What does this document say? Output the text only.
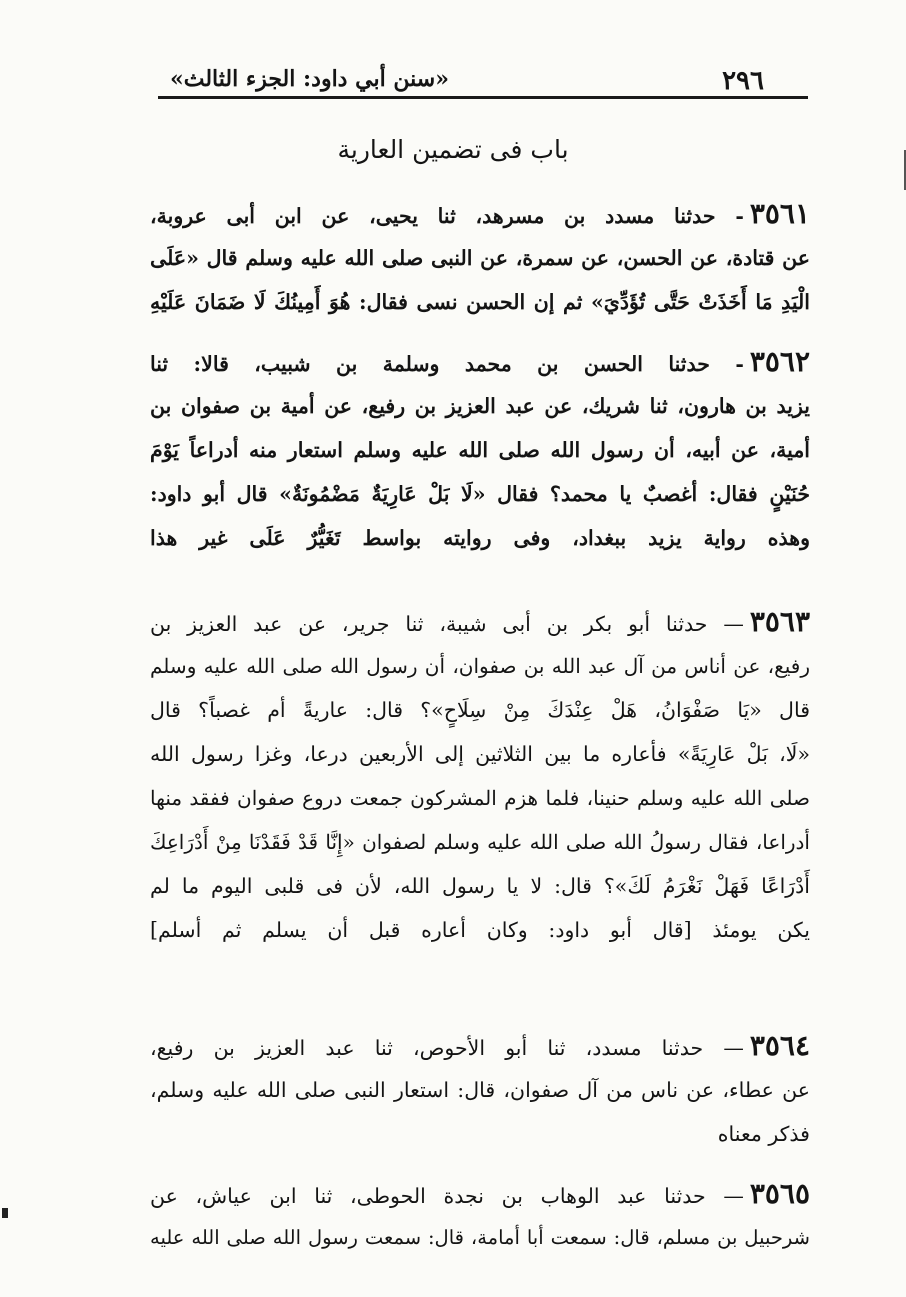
٢٩٦
«سنن أبي داود: الجزء الثالث»
باب فى تضمين العارية
٣٥٦١- حدثنا مسدد بن مسرهد، ثنا يحيى، عن ابن أبى عروبة،
عن قتادة، عن الحسن، عن سمرة، عن النبى صلى الله عليه وسلم قال «عَلَى
الْيَدِ مَا أَخَذَتْ حَتَّى تُؤَدِّيَ» ثم إن الحسن نسى فقال: هُوَ أَمِينُكَ لَا ضَمَانَ عَلَيْهِ
٣٥٦٢- حدثنا الحسن بن محمد وسلمة بن شبيب، قالا: ثنا
يزيد بن هارون، ثنا شريك، عن عبد العزيز بن رفيع، عن أمية بن صفوان بن
أمية، عن أبيه، أن رسول الله صلى الله عليه وسلم استعار منه أدراعاً يَوْمَ
حُنَيْنٍ فقال: أغصبٌ يا محمد؟ فقال «لَا بَلْ عَارِيَةٌ مَضْمُونَةٌ» قال أبو داود:
وهذه رواية يزيد ببغداد، وفى روايته بواسط تَغَيُّرٌ عَلَى غير هذا
٣٥٦٣— حدثنا أبو بكر بن أبى شيبة، ثنا جرير، عن عبد العزيز بن
رفيع، عن أناس من آل عبد الله بن صفوان، أن رسول الله صلى الله عليه وسلم
قال «يَا صَفْوَانُ، هَلْ عِنْدَكَ مِنْ سِلَاحٍ»؟ قال: عاريةً أم غصباً؟ قال
«لَا، بَلْ عَارِيَةً» فأعاره ما بين الثلاثين إلى الأربعين درعا، وغزا رسول الله
صلى الله عليه وسلم حنينا، فلما هزم المشركون جمعت دروع صفوان ففقد منها
أدراعا، فقال رسولُ الله صلى الله عليه وسلم لصفوان «إِنَّا قَدْ فَقَدْنَا مِنْ أَدْرَاعِكَ
أَدْرَاعًا فَهَلْ نَغْرَمُ لَكَ»؟ قال: لا يا رسول الله، لأن فى قلبى اليوم ما لم
يكن يومئذ [قال أبو داود: وكان أعاره قبل أن يسلم ثم أسلم]
٣٥٦٤— حدثنا مسدد، ثنا أبو الأحوص، ثنا عبد العزيز بن رفيع،
عن عطاء، عن ناس من آل صفوان، قال: استعار النبى صلى الله عليه وسلم،
فذكر معناه
٣٥٦٥— حدثنا عبد الوهاب بن نجدة الحوطى، ثنا ابن عياش، عن
شرحبيل بن مسلم، قال: سمعت أبا أمامة، قال: سمعت رسول الله صلى الله عليه
